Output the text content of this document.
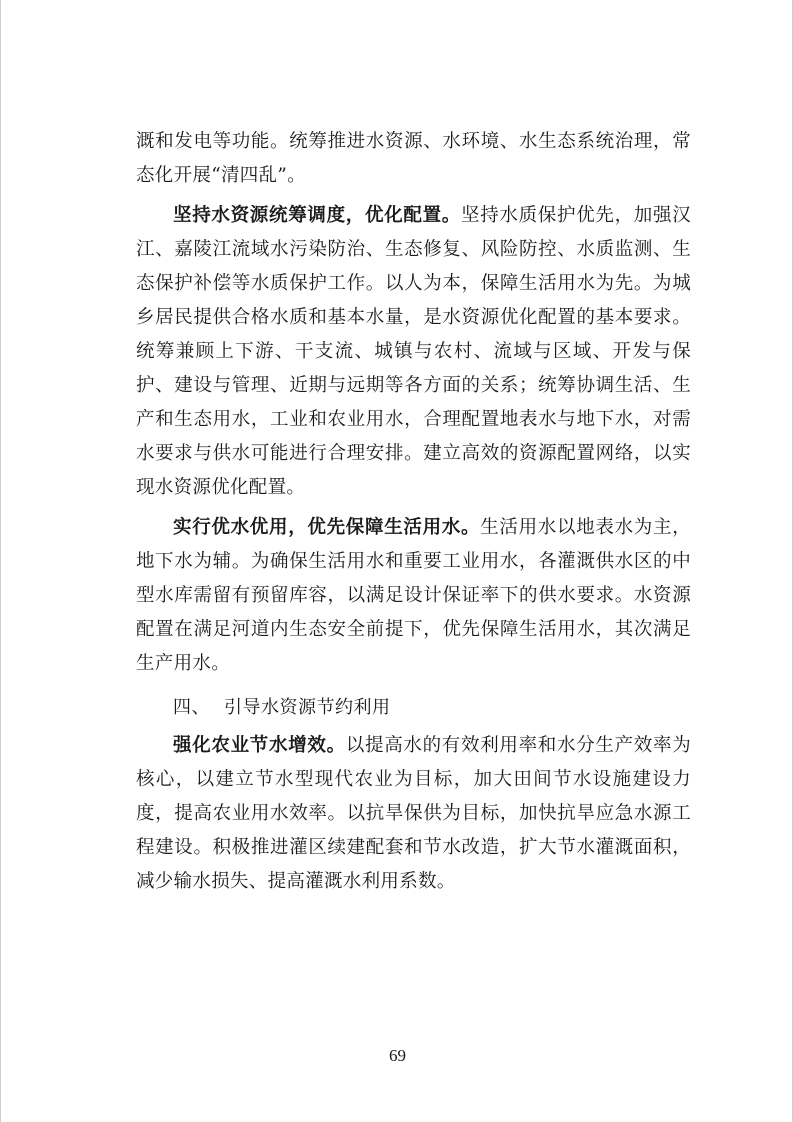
溉和发电等功能。统筹推进水资源、水环境、水生态系统治理，常态化开展“清四乱”。

坚持水资源统筹调度，优化配置。坚持水质保护优先，加强汉江、嘉陵江流域水污染防治、生态修复、风险防控、水质监测、生态保护补偿等水质保护工作。以人为本，保障生活用水为先。为城乡居民提供合格水质和基本水量，是水资源优化配置的基本要求。统筹兼顾上下游、干支流、城镇与农村、流域与区域、开发与保护、建设与管理、近期与远期等各方面的关系；统筹协调生活、生产和生态用水，工业和农业用水，合理配置地表水与地下水，对需水要求与供水可能进行合理安排。建立高效的资源配置网络，以实现水资源优化配置。

实行优水优用，优先保障生活用水。生活用水以地表水为主，地下水为辅。为确保生活用水和重要工业用水，各灌溉供水区的中型水库需留有预留库容，以满足设计保证率下的供水要求。水资源配置在满足河道内生态安全前提下，优先保障生活用水，其次满足生产用水。

四、 引导水资源节约利用

强化农业节水增效。以提高水的有效利用率和水分生产效率为核心，以建立节水型现代农业为目标，加大田间节水设施建设力度，提高农业用水效率。以抗旱保供为目标，加快抗旱应急水源工程建设。积极推进灌区续建配套和节水改造，扩大节水灌溉面积，减少输水损失、提高灌溉水利用系数。

69
